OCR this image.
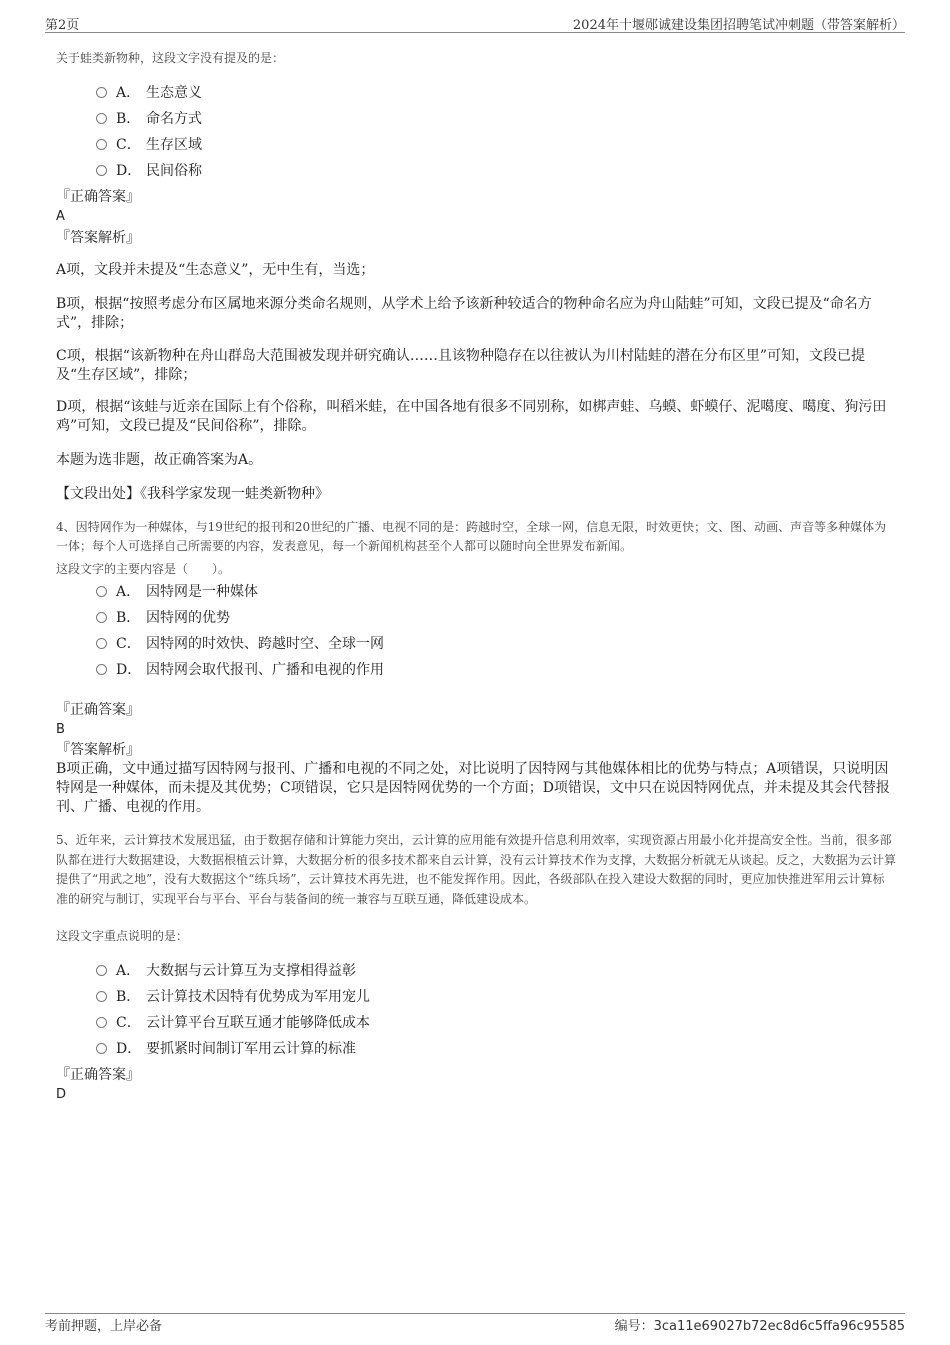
第2页	2024年十堰郧诚建设集团招聘笔试冲刺题（带答案解析）
关于蛙类新物种，这段文字没有提及的是：
A． 生态意义
B． 命名方式
C． 生存区域
D． 民间俗称
『正确答案』
A
『答案解析』
A项，文段并未提及“生态意义”，无中生有，当选；
B项，根据“按照考虑分布区属地来源分类命名规则，从学术上给予该新种较适合的物种命名应为舟山陆蛙”可知，文段已提及“命名方式”，排除；
C项，根据“该新物种在舟山群岛大范围被发现并研究确认……且该物种隐存在以往被认为川村陆蛙的潜在分布区里”可知，文段已提及“生存区域”，排除；
D项，根据“该蛙与近亲在国际上有个俗称，叫稻米蛙，在中国各地有很多不同别称，如梆声蛙、乌蟆、虾蟆仔、泥噶度、噶度、狗污田鸡”可知，文段已提及“民间俗称”，排除。
本题为选非题，故正确答案为A。
【文段出处】《我科学家发现一蛙类新物种》
4、因特网作为一种媒体，与19世纪的报刊和20世纪的广播、电视不同的是：跨越时空，全球一网，信息无限，时效更快；文、图、动画、声音等多种媒体为一体；每个人可选择自己所需要的内容，发表意见，每一个新闻机构甚至个人都可以随时向全世界发布新闻。
这段文字的主要内容是（　　）。
A． 因特网是一种媒体
B． 因特网的优势
C． 因特网的时效快、跨越时空、全球一网
D． 因特网会取代报刊、广播和电视的作用
『正确答案』
B
『答案解析』
B项正确，文中通过描写因特网与报刊、广播和电视的不同之处，对比说明了因特网与其他媒体相比的优势与特点；A项错误，只说明因特网是一种媒体，而未提及其优势；C项错误，它只是因特网优势的一个方面；D项错误，文中只在说因特网优点，并未提及其会代替报刊、广播、电视的作用。
5、近年来，云计算技术发展迅猛，由于数据存储和计算能力突出，云计算的应用能有效提升信息利用效率，实现资源占用最小化并提高安全性。当前，很多部队都在进行大数据建设，大数据根植云计算，大数据分析的很多技术都来自云计算，没有云计算技术作为支撑，大数据分析就无从谈起。反之，大数据为云计算提供了“用武之地”，没有大数据这个“练兵场”，云计算技术再先进，也不能发挥作用。因此，各级部队在投入建设大数据的同时，更应加快推进军用云计算标准的研究与制订，实现平台与平台、平台与装备间的统一兼容与互联互通，降低建设成本。
这段文字重点说明的是：
A． 大数据与云计算互为支撑相得益彰
B． 云计算技术因特有优势成为军用宠儿
C． 云计算平台互联互通才能够降低成本
D． 要抓紧时间制订军用云计算的标准
『正确答案』
D
考前押题，上岸必备	编号：3ca11e69027b72ec8d6c5ffa96c95585
